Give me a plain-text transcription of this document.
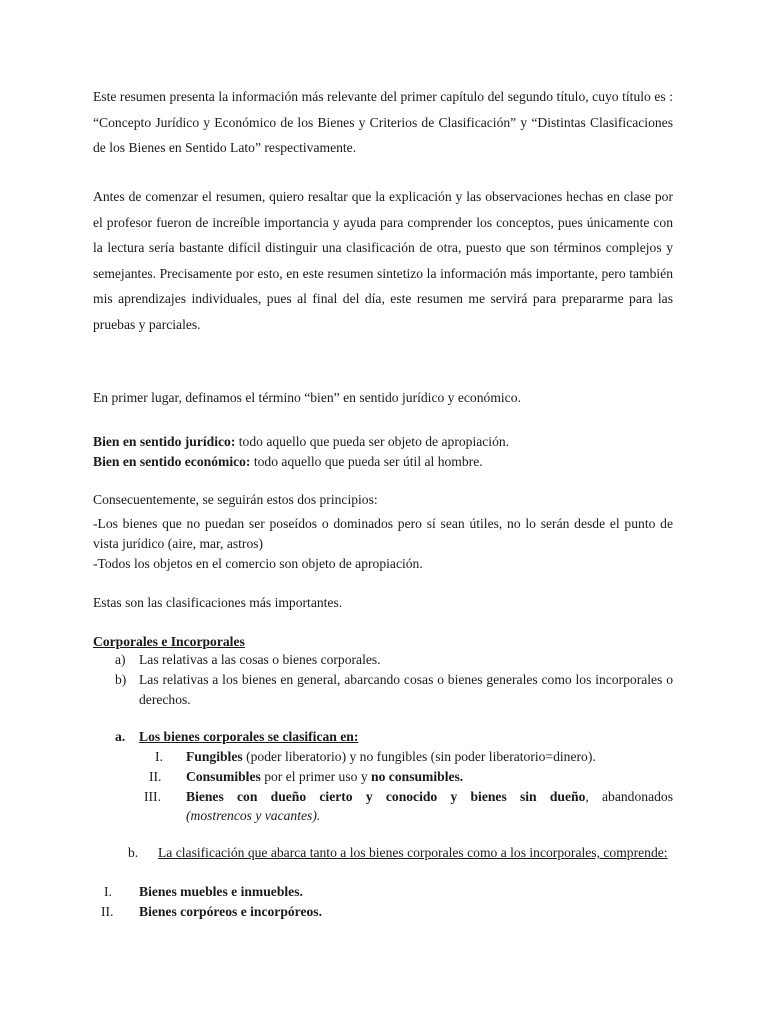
Este resumen presenta la información más relevante del primer capítulo del segundo título, cuyo título es : “Concepto Jurídico y Económico de los Bienes y Criterios de Clasificación” y “Distintas Clasificaciones de los Bienes en Sentido Lato” respectivamente.

Antes de comenzar el resumen, quiero resaltar que la explicación y las observaciones hechas en clase por el profesor fueron de increíble importancia y ayuda para comprender los conceptos, pues únicamente con la lectura sería bastante difícil distinguir una clasificación de otra, puesto que son términos complejos y semejantes. Precisamente por esto, en este resumen sintetizo la información más importante, pero también mis aprendizajes individuales, pues al final del día, este resumen me servirá para prepararme para las pruebas y parciales.

En primer lugar, definamos el término “bien” en sentido jurídico y económico.

Bien en sentido jurídico: todo aquello que pueda ser objeto de apropiación.
Bien en sentido económico: todo aquello que pueda ser útil al hombre.

Consecuentemente, se seguirán estos dos principios:

-Los bienes que no puedan ser poseídos o dominados pero sí sean útiles, no lo serán desde el punto de vista jurídico (aire, mar, astros)

-Todos los objetos en el comercio son objeto de apropiación.

Estas son las clasificaciones más importantes.

Corporales e Incorporales

a) Las relativas a las cosas o bienes corporales.

b) Las relativas a los bienes en general, abarcando cosas o bienes generales como los incorporales o derechos.

a. Los bienes corporales se clasifican en:

I. Fungibles (poder liberatorio) y no fungibles (sin poder liberatorio=dinero).
II. Consumibles por el primer uso y no consumibles.
III. Bienes con dueño cierto y conocido y bienes sin dueño, abandonados
(mostrencos y vacantes).
b.	La clasificación que abarca tanto a los bienes corporales como a los incorporales, comprende:

I. Bienes muebles e inmuebles.
II. Bienes corpóreos e incorpóreos.
